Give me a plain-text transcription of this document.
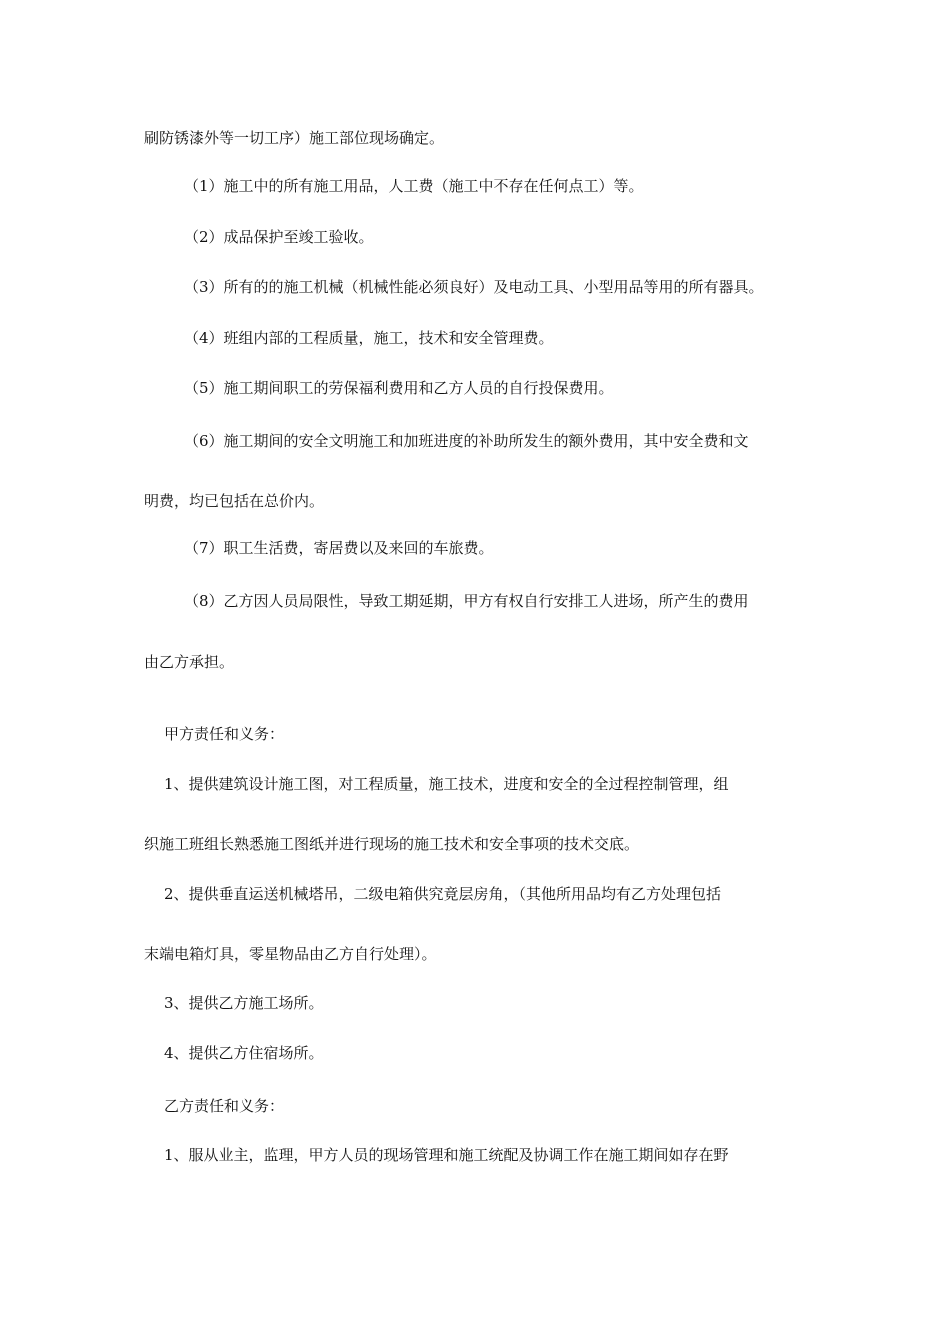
刷防锈漆外等一切工序）施工部位现场确定。

（1）施工中的所有施工用品，人工费（施工中不存在任何点工）等。

（2）成品保护至竣工验收。

（3）所有的的施工机械（机械性能必须良好）及电动工具、小型用品等用的所有器具。

（4）班组内部的工程质量，施工，技术和安全管理费。

（5）施工期间职工的劳保福利费用和乙方人员的自行投保费用。

（6）施工期间的安全文明施工和加班进度的补助所发生的额外费用，其中安全费和文

明费，均已包括在总价内。

（7）职工生活费，寄居费以及来回的车旅费。

（8）乙方因人员局限性，导致工期延期，甲方有权自行安排工人进场，所产生的费用

由乙方承担。

甲方责任和义务：

1、提供建筑设计施工图，对工程质量，施工技术，进度和安全的全过程控制管理，组

织施工班组长熟悉施工图纸并进行现场的施工技术和安全事项的技术交底。

2、提供垂直运送机械塔吊，二级电箱供究竟层房角，（其他所用品均有乙方处理包括

末端电箱灯具，零星物品由乙方自行处理）。

3、提供乙方施工场所。

4、提供乙方住宿场所。

乙方责任和义务：

1、服从业主，监理，甲方人员的现场管理和施工统配及协调工作在施工期间如存在野
